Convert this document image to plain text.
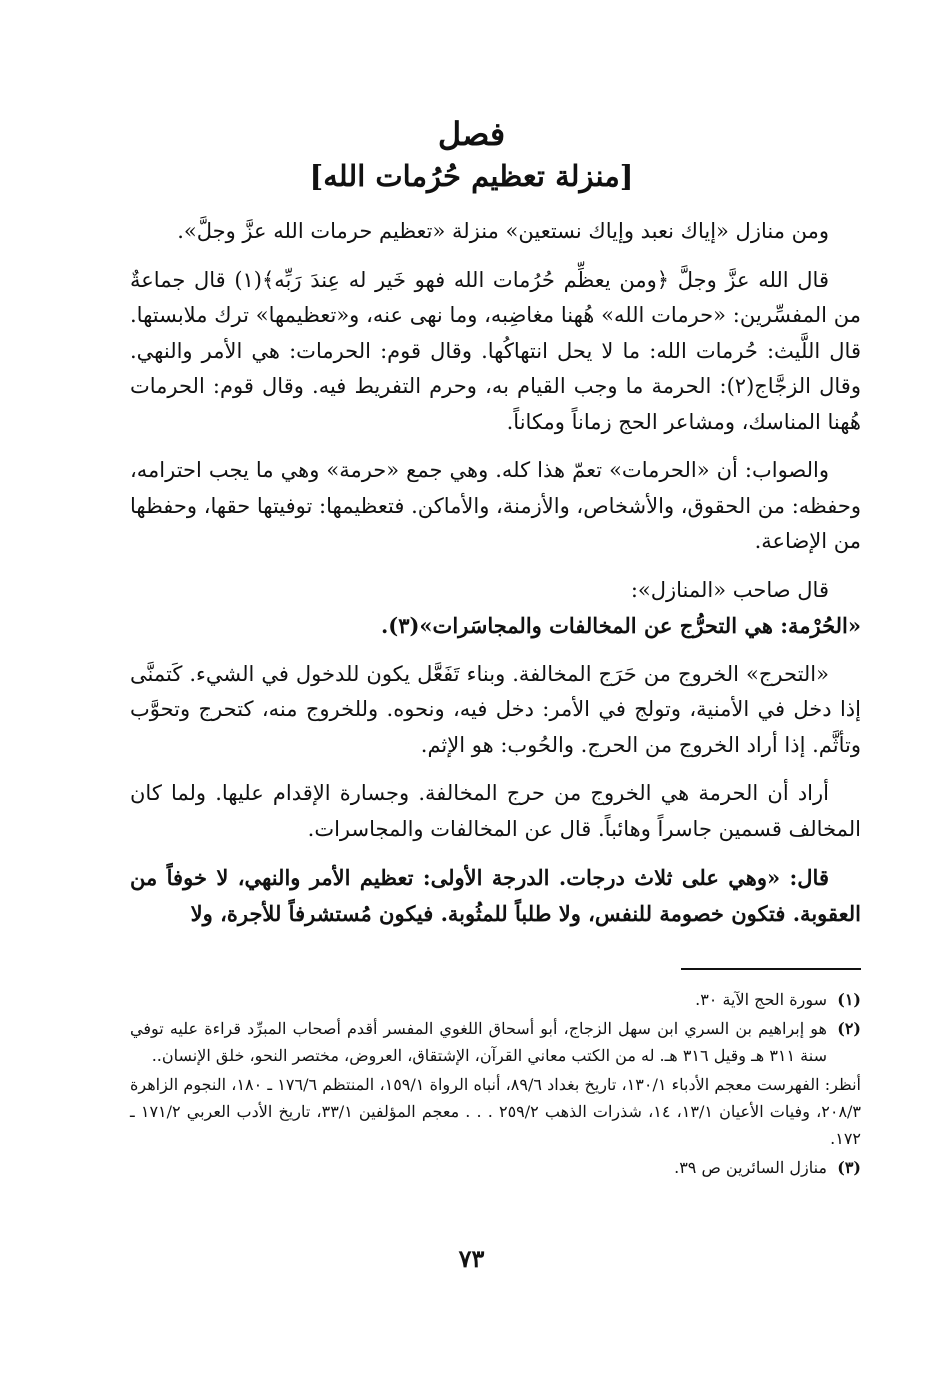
فصل
[منزلة تعظيم حُرُمات الله]

ومن منازل «إياك نعبد وإياك نستعين» منزلة «تعظيم حرمات الله عزَّ وجلَّ».

قال الله عزَّ وجلَّ ﴿ومن يعظِّم حُرُمات الله فهو خَير له عِندَ رَبِّه﴾(١) قال جماعةٌ من المفسِّرين: «حرمات الله» هُهنا مغاضِبه، وما نهى عنه، و«تعظيمها» ترك ملابستها. قال اللَّيث: حُرمات الله: ما لا يحل انتهاكُها. وقال قوم: الحرمات: هي الأمر والنهي. وقال الزجَّاج(٢): الحرمة ما وجب القيام به، وحرم التفريط فيه. وقال قوم: الحرمات هُهنا المناسك، ومشاعر الحج زماناً ومكاناً.

والصواب: أن «الحرمات» تعمّ هذا كله. وهي جمع «حرمة» وهي ما يجب احترامه، وحفظه: من الحقوق، والأشخاص، والأزمنة، والأماكن. فتعظيمها: توفيتها حقها، وحفظها من الإضاعة.

قال صاحب «المنازل»:

«الحُرْمة: هي التحرُّج عن المخالفات والمجاسَرات»(٣).

«التحرج» الخروج من حَرَج المخالفة. وبناء تَفَعَّل يكون للدخول في الشيء. كَتمنَّى إذا دخل في الأمنية، وتولج في الأمر: دخل فيه، ونحوه. وللخروج منه، كتحرج وتحوَّب وتأثَّم. إذا أراد الخروج من الحرج. والحُوب: هو الإثم.

أراد أن الحرمة هي الخروج من حرج المخالفة. وجسارة الإقدام عليها. ولما كان المخالف قسمين جاسراً وهائباً. قال عن المخالفات والمجاسرات.

قال: «وهي على ثلاث درجات. الدرجة الأولى: تعظيم الأمر والنهي، لا خوفاً من العقوبة. فتكون خصومة للنفس، ولا طلباً للمثُوبة. فيكون مُستشرفاً للأجرة، ولا

(١)
سورة الحج الآية ٣٠.
(٢)
هو إبراهيم بن السري ابن سهل الزجاج، أبو أسحاق اللغوي المفسر أقدم أصحاب المبرِّد قراءة عليه توفي سنة ٣١١ هـ وقيل ٣١٦ هـ. له من الكتب معاني القرآن، الإشتقاق، العروض، مختصر النحو، خلق الإنسان..
أنظر: الفهرست معجم الأدباء ١٣٠/١، تاريخ بغداد ٨٩/٦، أنباه الرواة ١٥٩/١، المنتظم ١٧٦/٦ ـ ١٨٠، النجوم الزاهرة ٢٠٨/٣، وفيات الأعيان ١٣/١، ١٤، شذرات الذهب ٢٥٩/٢ . . . معجم المؤلفين ٣٣/١، تاريخ الأدب العربي ١٧١/٢ ـ ١٧٢.
(٣)
منازل السائرين ص ٣٩.
٧٣
